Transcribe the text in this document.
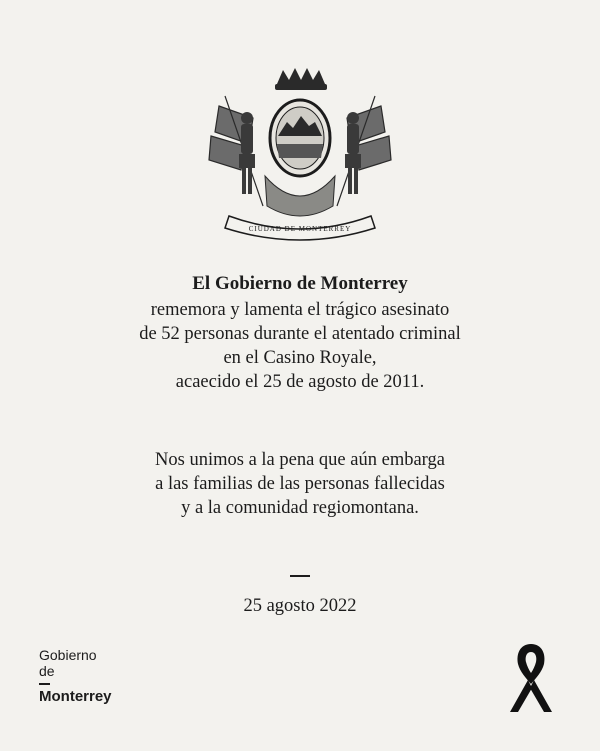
CIUDAD DE MONTERREY
El Gobierno de Monterrey
rememora y lamenta el trágico asesinato
de 52 personas durante el atentado criminal
en el Casino Royale,
acaecido el 25 de agosto de 2011.
Nos unimos a la pena que aún embarga
a las familias de las personas fallecidas
y a la comunidad regiomontana.
25 agosto 2022
Gobierno
de
Monterrey
